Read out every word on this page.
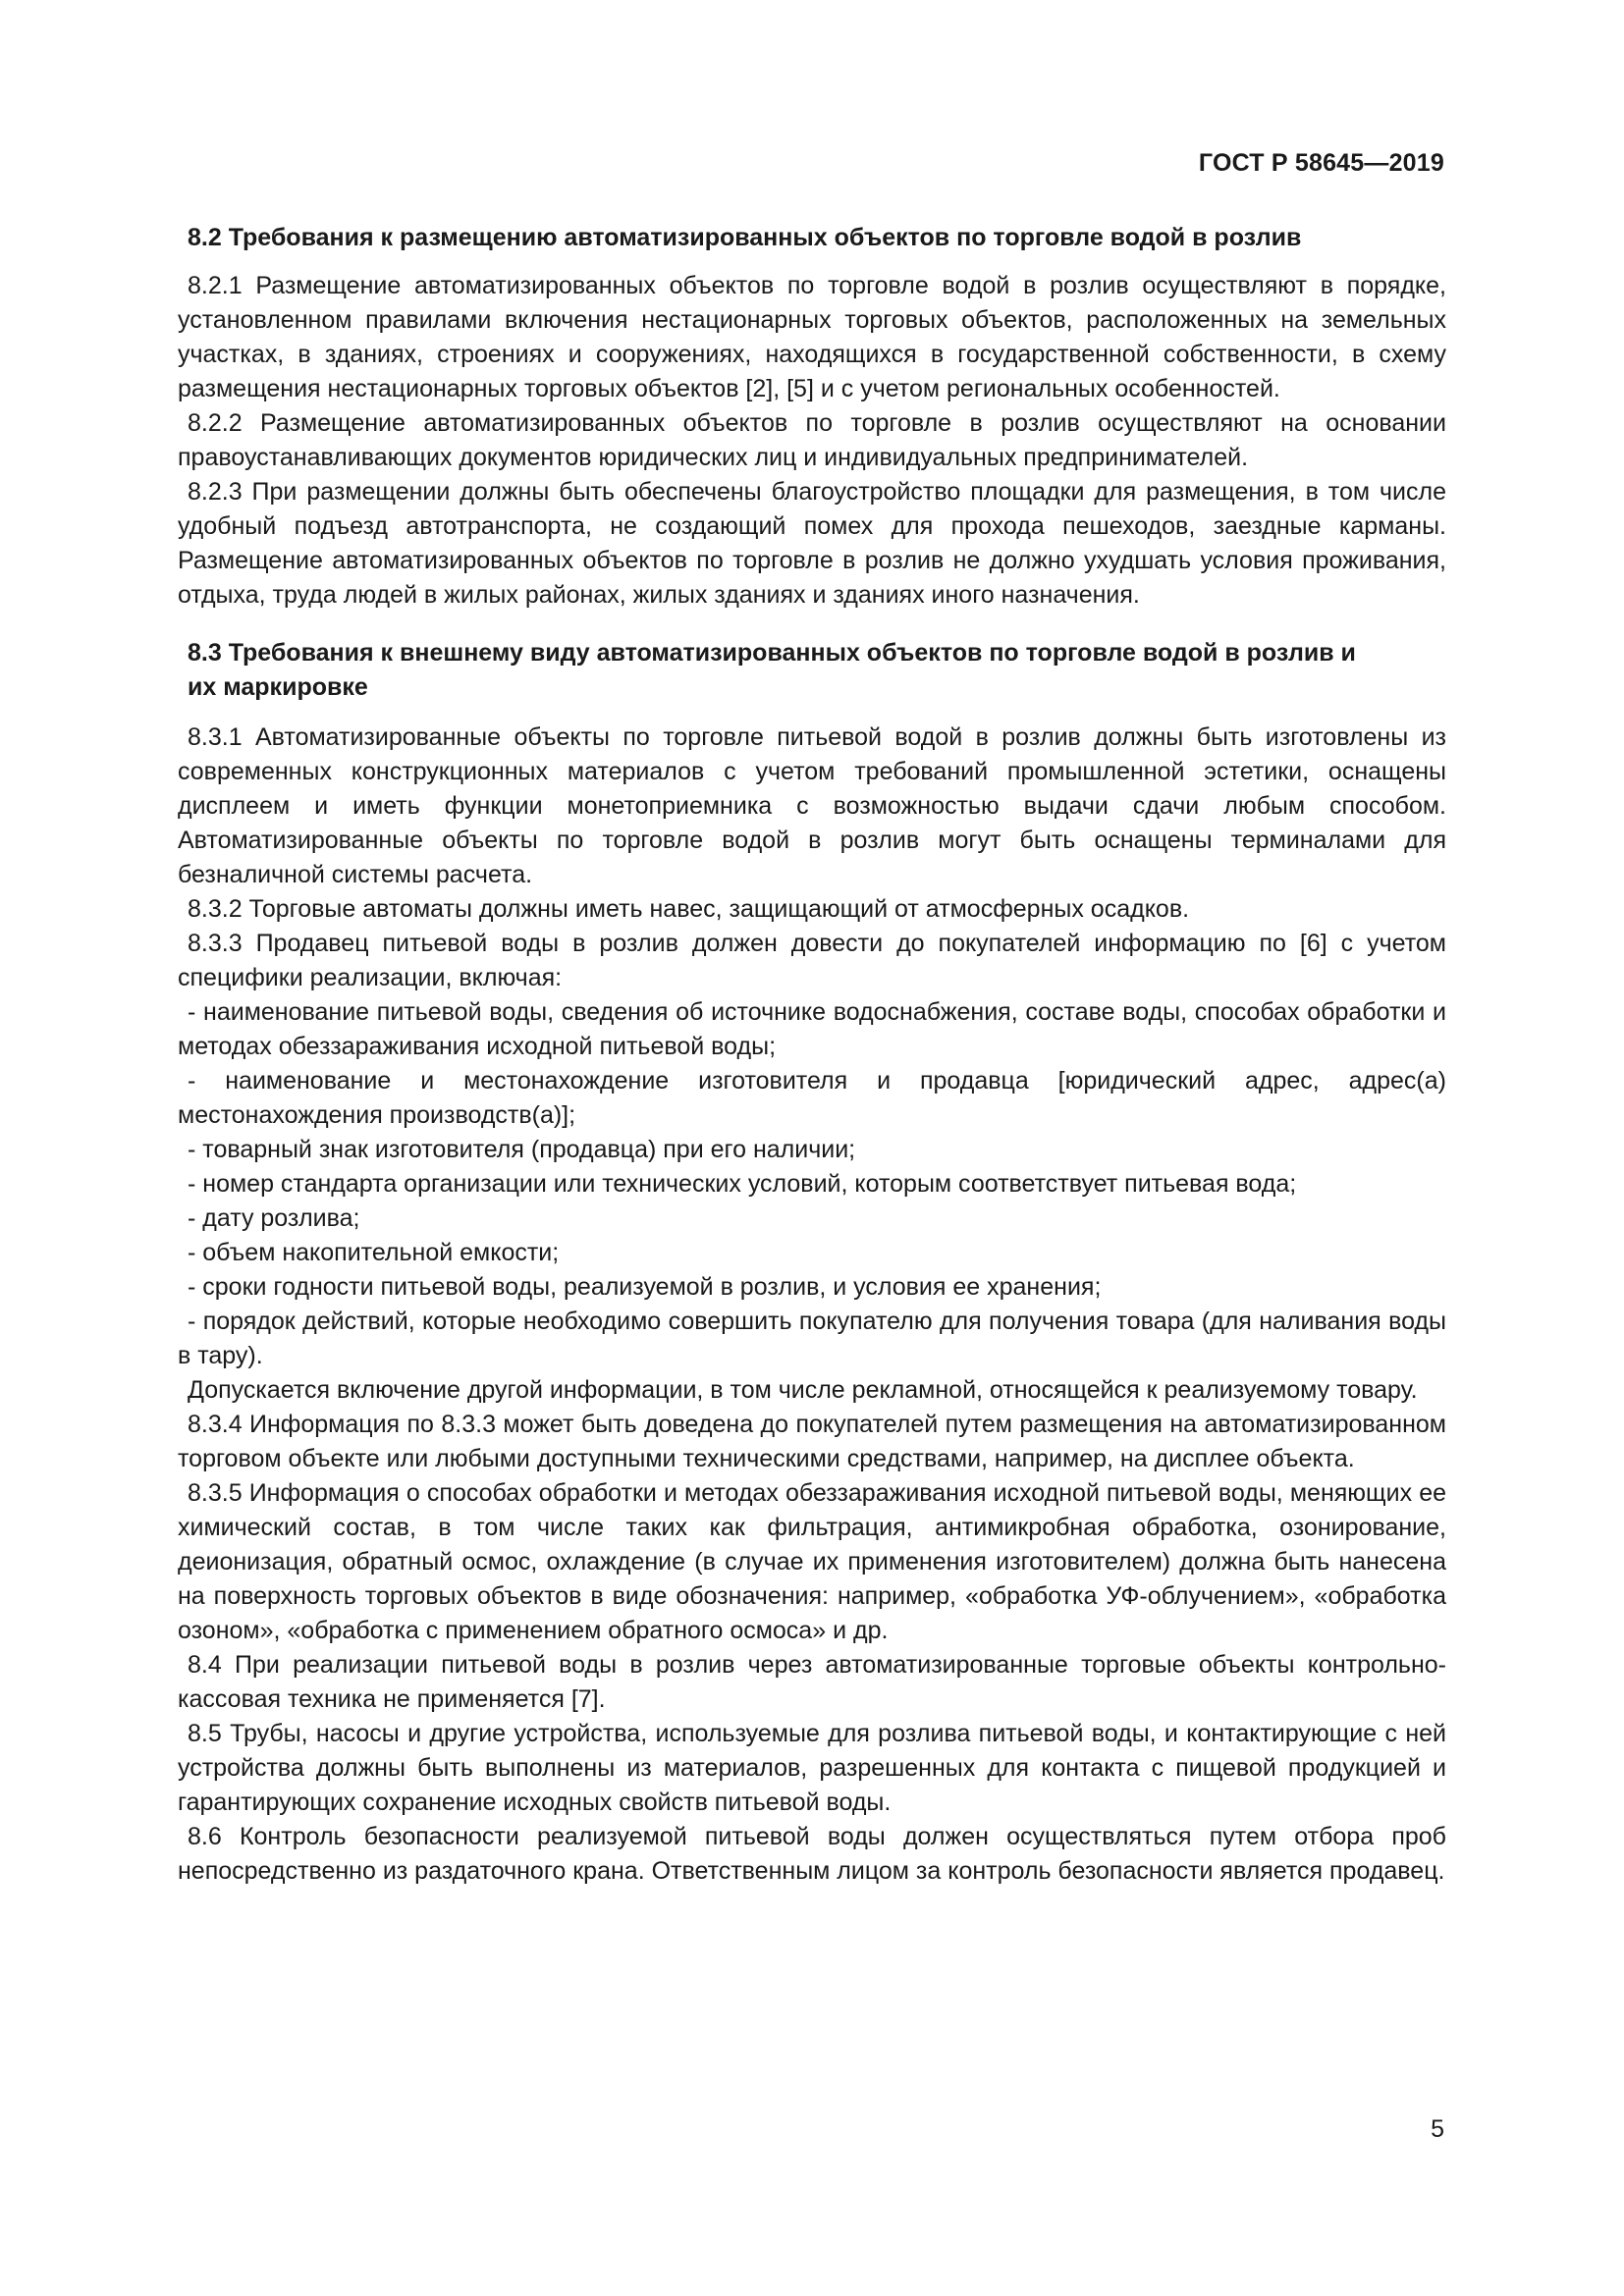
ГОСТ Р 58645—2019
8.2 Требования к размещению автоматизированных объектов по торговле водой в розлив

8.2.1 Размещение автоматизированных объектов по торговле водой в розлив осуществляют в порядке, установленном правилами включения нестационарных торговых объектов, расположенных на земельных участках, в зданиях, строениях и сооружениях, находящихся в государственной собственности, в схему размещения нестационарных торговых объектов [2], [5] и с учетом региональных особенностей.

8.2.2 Размещение автоматизированных объектов по торговле в розлив осуществляют на основании правоустанавливающих документов юридических лиц и индивидуальных предпринимателей.

8.2.3 При размещении должны быть обеспечены благоустройство площадки для размещения, в том числе удобный подъезд автотранспорта, не создающий помех для прохода пешеходов, заездные карманы. Размещение автоматизированных объектов по торговле в розлив не должно ухудшать условия проживания, отдыха, труда людей в жилых районах, жилых зданиях и зданиях иного назначения.

8.3 Требования к внешнему виду автоматизированных объектов по торговле водой в розлив и их маркировке

8.3.1 Автоматизированные объекты по торговле питьевой водой в розлив должны быть изготовлены из современных конструкционных материалов с учетом требований промышленной эстетики, оснащены дисплеем и иметь функции монетоприемника с возможностью выдачи сдачи любым способом. Автоматизированные объекты по торговле водой в розлив могут быть оснащены терминалами для безналичной системы расчета.

8.3.2 Торговые автоматы должны иметь навес, защищающий от атмосферных осадков.

8.3.3 Продавец питьевой воды в розлив должен довести до покупателей информацию по [6] с учетом специфики реализации, включая:

- наименование питьевой воды, сведения об источнике водоснабжения, составе воды, способах обработки и методах обеззараживания исходной питьевой воды;

- наименование и местонахождение изготовителя и продавца [юридический адрес, адрес(а) местонахождения производств(а)];

- товарный знак изготовителя (продавца) при его наличии;

- номер стандарта организации или технических условий, которым соответствует питьевая вода;

- дату розлива;

- объем накопительной емкости;

- сроки годности питьевой воды, реализуемой в розлив, и условия ее хранения;

- порядок действий, которые необходимо совершить покупателю для получения товара (для наливания воды в тару).

Допускается включение другой информации, в том числе рекламной, относящейся к реализуемому товару.

8.3.4 Информация по 8.3.3 может быть доведена до покупателей путем размещения на автоматизированном торговом объекте или любыми доступными техническими средствами, например, на дисплее объекта.

8.3.5 Информация о способах обработки и методах обеззараживания исходной питьевой воды, меняющих ее химический состав, в том числе таких как фильтрация, антимикробная обработка, озонирование, деионизация, обратный осмос, охлаждение (в случае их применения изготовителем) должна быть нанесена на поверхность торговых объектов в виде обозначения: например, «обработка УФ-облучением», «обработка озоном», «обработка с применением обратного осмоса» и др.

8.4 При реализации питьевой воды в розлив через автоматизированные торговые объекты контрольно-кассовая техника не применяется [7].

8.5 Трубы, насосы и другие устройства, используемые для розлива питьевой воды, и контактирующие с ней устройства должны быть выполнены из материалов, разрешенных для контакта с пищевой продукцией и гарантирующих сохранение исходных свойств питьевой воды.

8.6 Контроль безопасности реализуемой питьевой воды должен осуществляться путем отбора проб непосредственно из раздаточного крана. Ответственным лицом за контроль безопасности является продавец.

5
